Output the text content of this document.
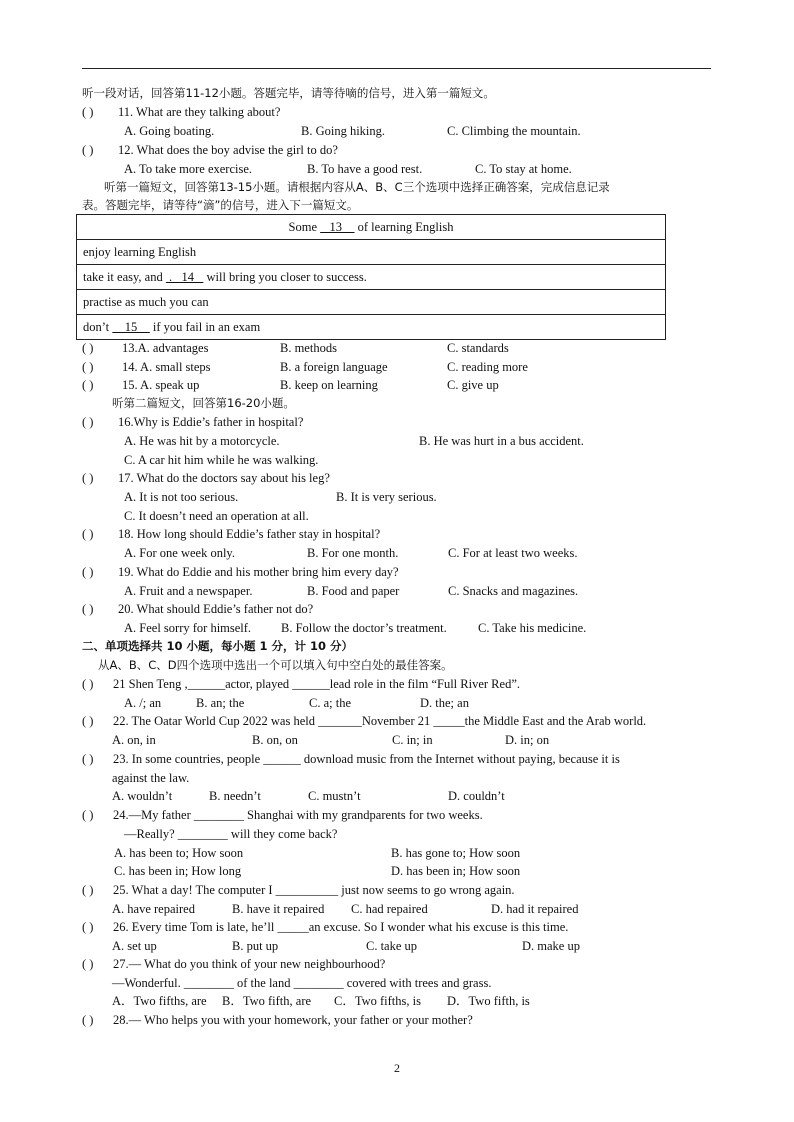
听一段对话，回答第11-12小题。答题完毕，请等待嘀的信号，进入第一篇短文。
( ) 11. What are they talking about?
A. Going boating.	B. Going hiking.	C. Climbing the mountain.
( ) 12. What does the boy advise the girl to do?
A. To take more exercise.	B. To have a good rest.	C. To stay at home.
听第一篇短文，回答第13-15小题。请根据内容从A、B、C三个选项中选择正确答案，完成信息记录
表。答题完毕，请等待“滴”的信号，进入下一篇短文。
Some    13     of learning English
enjoy learning English
take it easy, and  .   14    will bring you closer to success.
practise as much you can
don’t     15     if you fail in an exam
( ) 13.A. advantages	B. methods	C. standards
( ) 14. A. small steps	B. a foreign language	C. reading more
( ) 15. A. speak up	B. keep on learning	C. give up
听第二篇短文，回答第16-20小题。
( ) 16.Why is Eddie’s father in hospital?
A. He was hit by a motorcycle.	B. He was hurt in a bus accident.
C. A car hit him while he was walking.
( ) 17. What do the doctors say about his leg?
A. It is not too serious.	B. It is very serious.
C. It doesn’t need an operation at all.
( ) 18. How long should Eddie’s father stay in hospital?
A. For one week only.	B. For one month.	C. For at least two weeks.
( ) 19. What do Eddie and his mother bring him every day?
A. Fruit and a newspaper.	B. Food and paper	C. Snacks and magazines.
( ) 20. What should Eddie’s father not do?
A. Feel sorry for himself. B. Follow the doctor’s treatment.	C. Take his medicine.
二、单项选择共 10 小题，每小题 1 分，计 10 分）
从A、B、C、D四个选项中选出一个可以填入句中空白处的最佳答案。
( ) 21 Shen Teng ,______actor, played ______lead role in the film “Full River Red”.
A. /; an	B. an; the	C. a; the	D. the; an
( ) 22. The Oatar World Cup 2022 was held _______November 21 _____the Middle East and the Arab world.
A. on, in	B. on, on	C. in; in	D. in; on
( ) 23. In some countries, people ______ download music from the Internet without paying, because it is
against the law.
A. wouldn’t	B. needn’t	C. mustn’t	D. couldn’t
( ) 24.—My father ________ Shanghai with my grandparents for two weeks.
—Really? ________ will they come back?
A. has been to; How soon	B. has gone to; How soon
C. has been in; How long	D. has been in; How soon
( ) 25. What a day! The computer I __________ just now seems to go wrong again.
A. have repaired	B. have it repaired C. had repaired	D. had it repaired
( ) 26. Every time Tom is late, he’ll _____an excuse. So I wonder what his excuse is this time.
A. set up	B. put up	C. take up	D. make up
( ) 27.— What do you think of your new neighbourhood?
—Wonderful. ________ of the land ________ covered with trees and grass.
A．Two fifths, are B．Two fifth, are C．Two fifths, is D．Two fifth, is
( ) 28.— Who helps you with your homework, your father or your mother?
2
